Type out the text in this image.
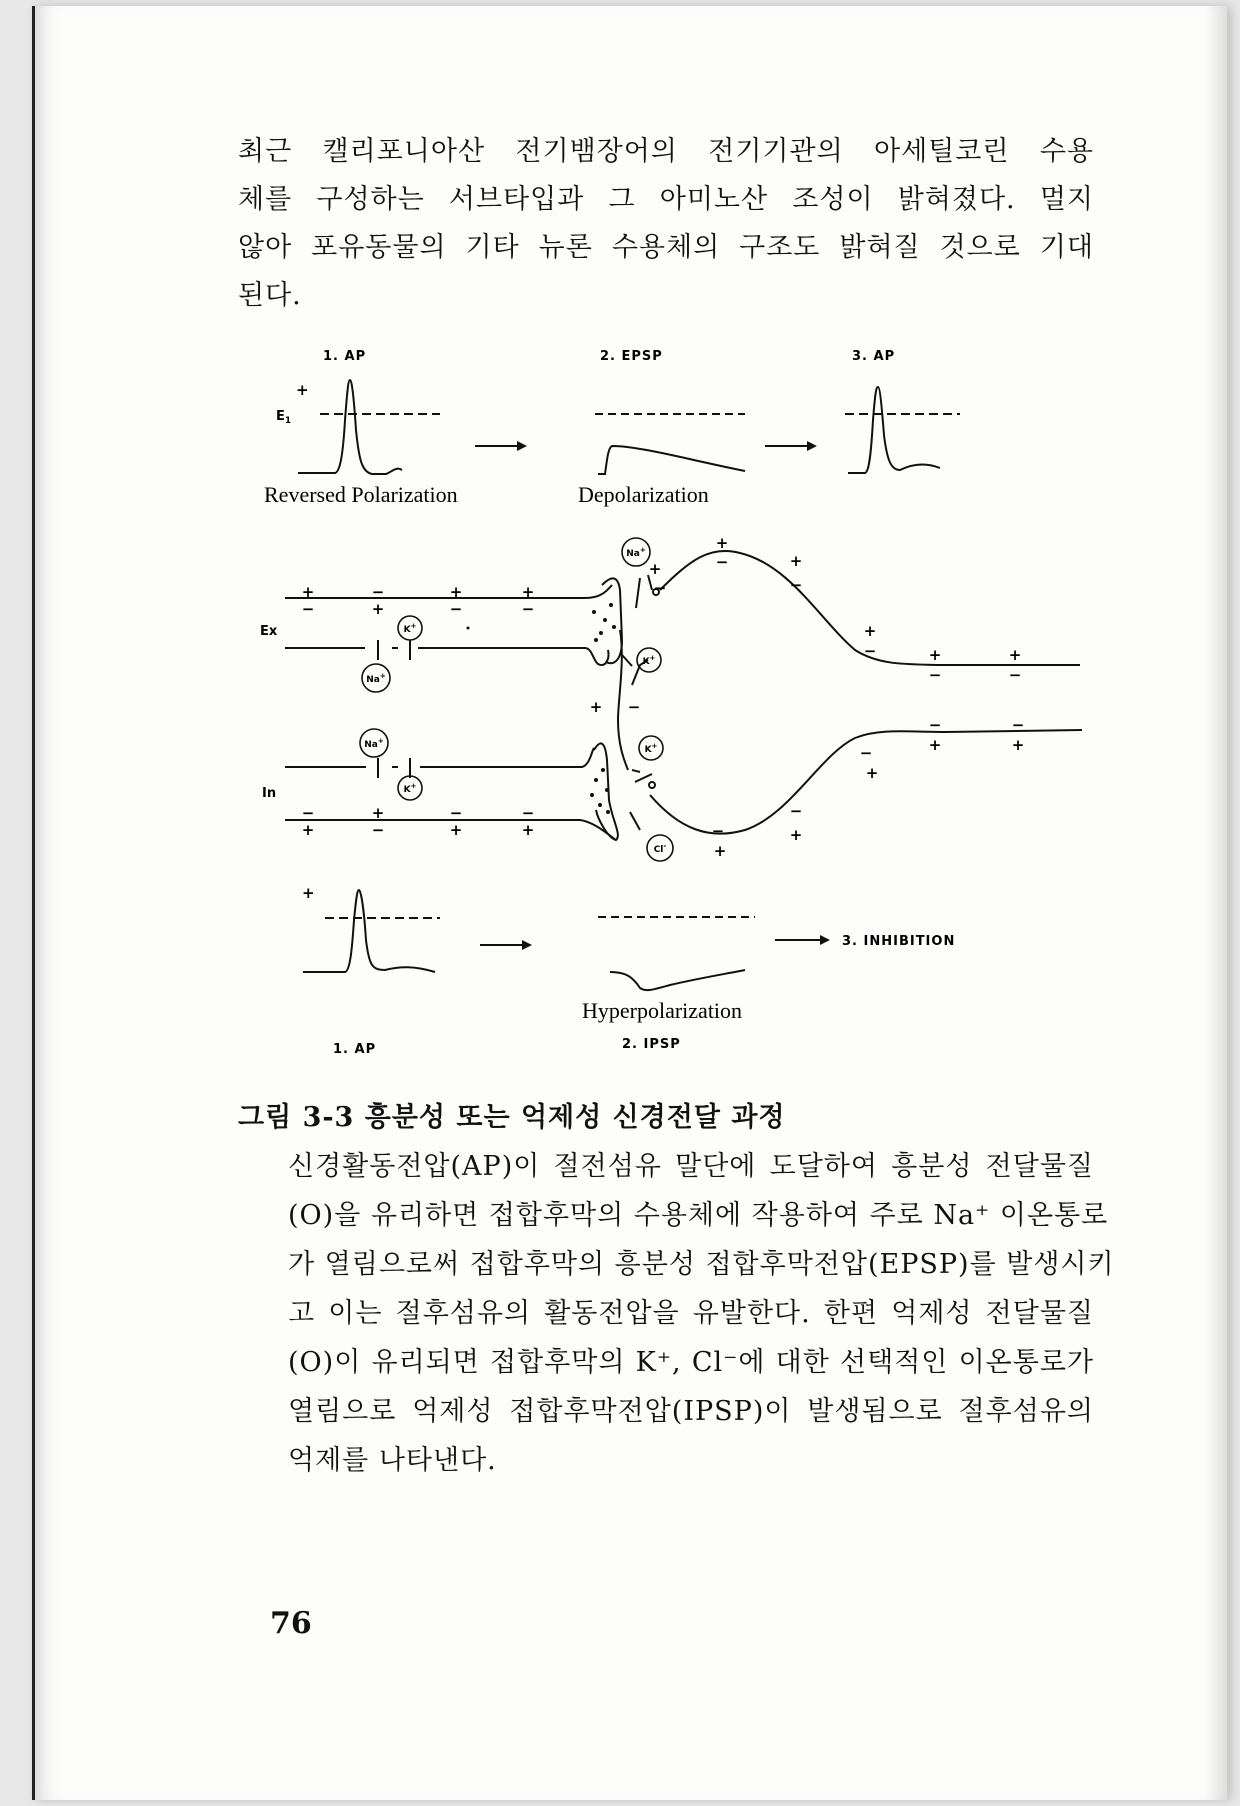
최근 캘리포니아산 전기뱀장어의 전기기관의 아세틸코린 수용
체를 구성하는 서브타입과 그 아미노산 조성이 밝혀졌다. 멀지
않아 포유동물의 기타 뉴론 수용체의 구조도 밝혀질 것으로 기대
된다.

1. AP	2. EPSP	3. AP
+
$E_1$
Reversed Polarization	Depolarization
Na+
K+
Na+
K+
Na+
K+
K+
Cl-
Ex
In
+	−	+	+
−	+	−	−
−	+	−	−
+	−	+	+
+ −
+
−	+
−
+
−	+
−
+
−
+
−
−
+
−
+
−
+
−
+
−
+
+
3. INHIBITION
Hyperpolarization
1. AP	2. IPSP
그림 3-3 흥분성 또는 억제성 신경전달 과정

신경활동전압(AP)이 절전섬유 말단에 도달하여 흥분성 전달물질
(O)을 유리하면 접합후막의 수용체에 작용하여 주로 Na⁺ 이온통로
가 열림으로써 접합후막의 흥분성 접합후막전압(EPSP)를 발생시키
고 이는 절후섬유의 활동전압을 유발한다. 한편 억제성 전달물질
(O)이 유리되면 접합후막의 K⁺, Cl⁻에 대한 선택적인 이온통로가
열림으로 억제성 접합후막전압(IPSP)이 발생됨으로 절후섬유의
억제를 나타낸다.

76
